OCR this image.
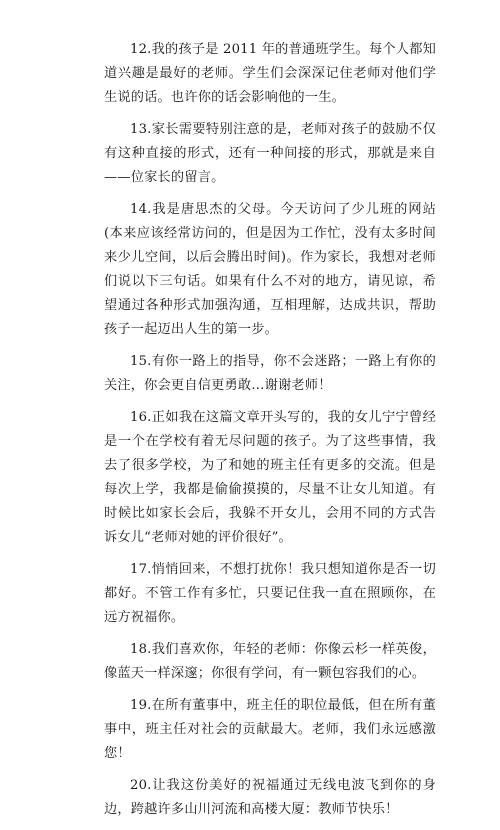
12.我的孩子是 2011 年的普通班学生。每个人都知道兴趣是最好的老师。学生们会深深记住老师对他们学生说的话。也许你的话会影响他的一生。

13.家长需要特别注意的是，老师对孩子的鼓励不仅有这种直接的形式，还有一种间接的形式，那就是来自——位家长的留言。

14.我是唐思杰的父母。今天访问了少儿班的网站(本来应该经常访问的，但是因为工作忙，没有太多时间来少儿空间，以后会腾出时间)。作为家长，我想对老师们说以下三句话。如果有什么不对的地方，请见谅，希望通过各种形式加强沟通，互相理解，达成共识，帮助孩子一起迈出人生的第一步。

15.有你一路上的指导，你不会迷路；一路上有你的关注，你会更自信更勇敢…谢谢老师！

16.正如我在这篇文章开头写的，我的女儿宁宁曾经是一个在学校有着无尽问题的孩子。为了这些事情，我去了很多学校，为了和她的班主任有更多的交流。但是每次上学，我都是偷偷摸摸的，尽量不让女儿知道。有时候比如家长会后，我躲不开女儿，会用不同的方式告诉女儿“老师对她的评价很好”。

17.悄悄回来，不想打扰你！我只想知道你是否一切都好。不管工作有多忙，只要记住我一直在照顾你，在远方祝福你。

18.我们喜欢你，年轻的老师：你像云杉一样英俊，像蓝天一样深邃；你很有学问，有一颗包容我们的心。

19.在所有董事中，班主任的职位最低，但在所有董事中，班主任对社会的贡献最大。老师，我们永远感激您！

20.让我这份美好的祝福通过无线电波飞到你的身边，跨越许多山川河流和高楼大厦：教师节快乐！
